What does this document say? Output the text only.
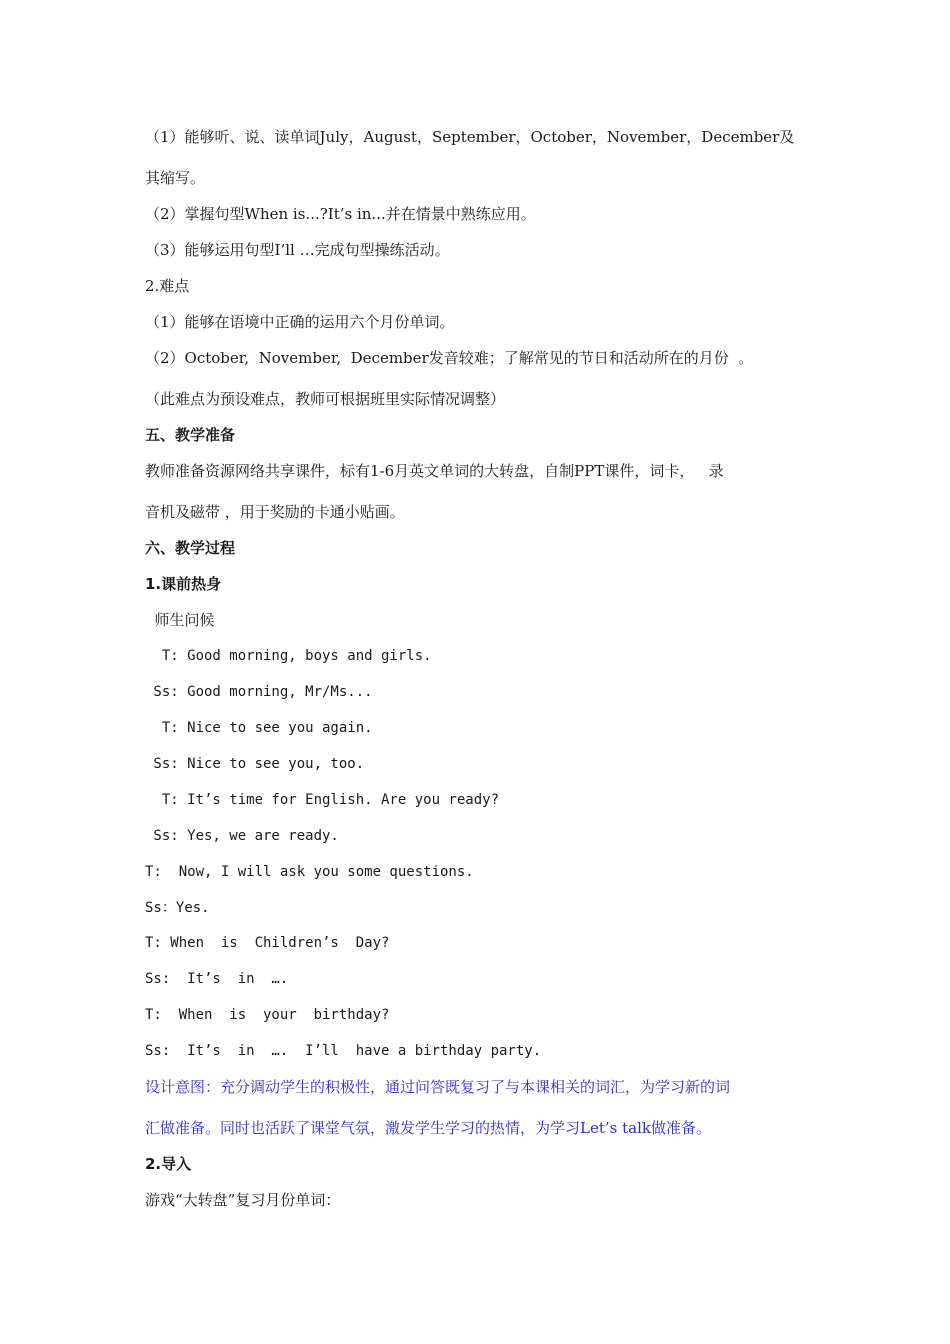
（1）能够听、说、读单词July，August，September，October，November，December及

其缩写。

（2）掌握句型When is...?It’s in...并在情景中熟练应用。

（3）能够运用句型I’ll …完成句型操练活动。

2.难点

（1）能够在语境中正确的运用六个月份单词。

（2）October,  November,  December发音较难；了解常见的节日和活动所在的月份  。

（此难点为预设难点，教师可根据班里实际情况调整）

五、教学准备

教师准备资源网络共享课件，标有1-6月英文单词的大转盘，自制PPT课件，词卡，   录

音机及磁带 ，用于奖励的卡通小贴画。

六、教学过程

1.课前热身

师生问候

T: Good morning, boys and girls.

Ss: Good morning, Mr/Ms...

T: Nice to see you again.

Ss: Nice to see you, too.

T: It’s time for English. Are you ready?

Ss: Yes, we are ready.

T:  Now, I will ask you some questions.

Ss：Yes.

T: When  is  Children’s  Day?

Ss:  It’s  in  ….

T:  When  is  your  birthday?

Ss:  It’s  in  ….  I’ll  have a birthday party.

设计意图：充分调动学生的积极性，通过问答既复习了与本课相关的词汇，为学习新的词

汇做准备。同时也活跃了课堂气氛，激发学生学习的热情，为学习Let’s talk做准备。

2.导入

游戏“大转盘”复习月份单词：
